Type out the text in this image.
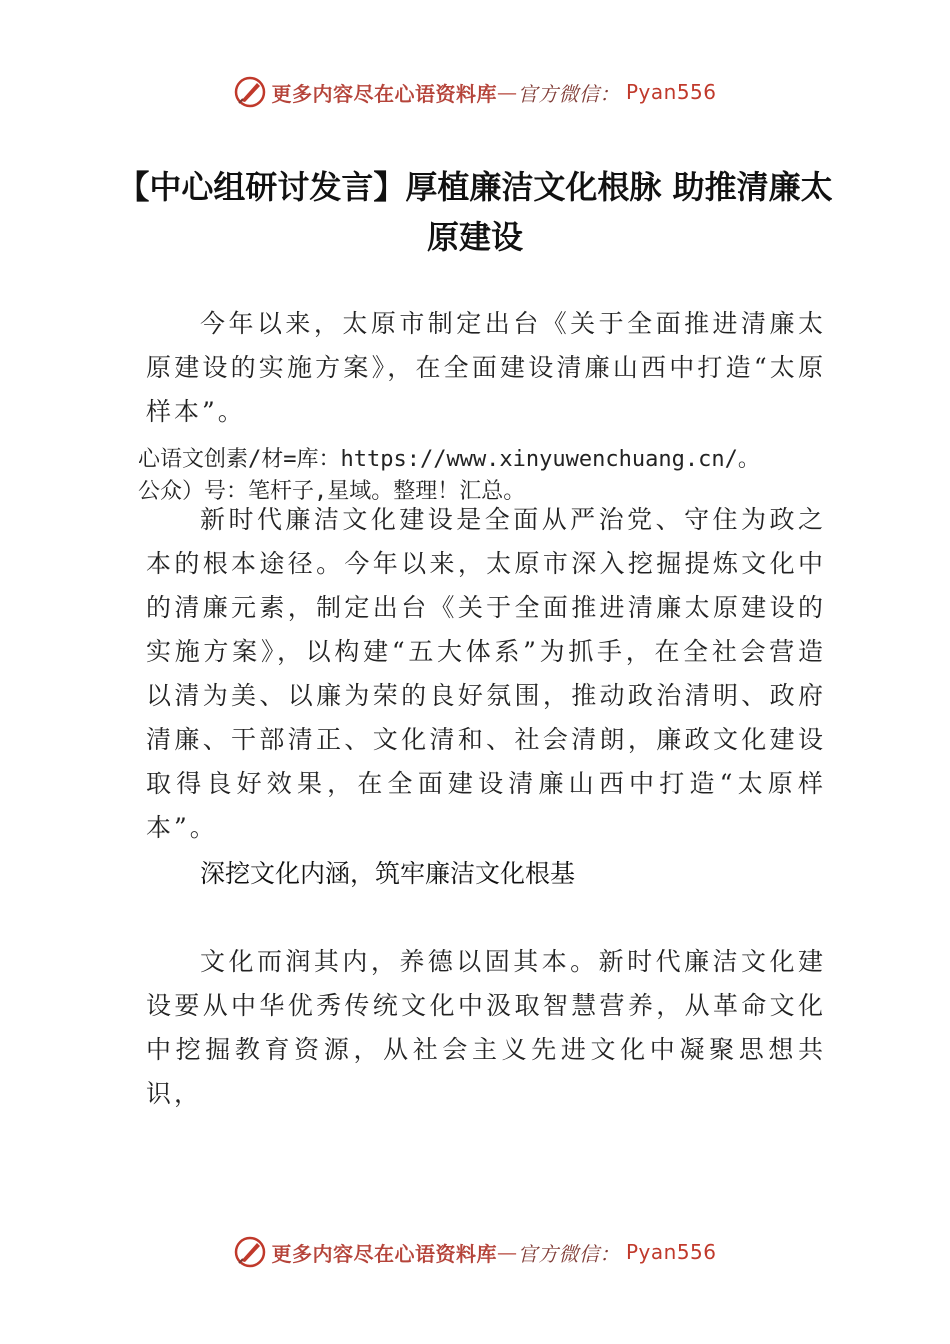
更多内容尽在心语资料库 — 官方微信： Pyan556
【中心组研讨发言】厚植廉洁文化根脉 助推清廉太原建设

今年以来，太原市制定出台《关于全面推进清廉太原建设的实施方案》，在全面建设清廉山西中打造“太原样本”。

心语文创素/材=库：https://www.xinyuwenchuang.cn/。

公众）号：笔杆子,星域。整理！汇总。

新时代廉洁文化建设是全面从严治党、守住为政之本的根本途径。今年以来，太原市深入挖掘提炼文化中的清廉元素，制定出台《关于全面推进清廉太原建设的实施方案》，以构建“五大体系”为抓手，在全社会营造以清为美、以廉为荣的良好氛围，推动政治清明、政府清廉、干部清正、文化清和、社会清朗，廉政文化建设取得良好效果，在全面建设清廉山西中打造“太原样本”。

深挖文化内涵，筑牢廉洁文化根基

文化而润其内，养德以固其本。新时代廉洁文化建设要从中华优秀传统文化中汲取智慧营养，从革命文化中挖掘教育资源，从社会主义先进文化中凝聚思想共识，

更多内容尽在心语资料库 — 官方微信： Pyan556
